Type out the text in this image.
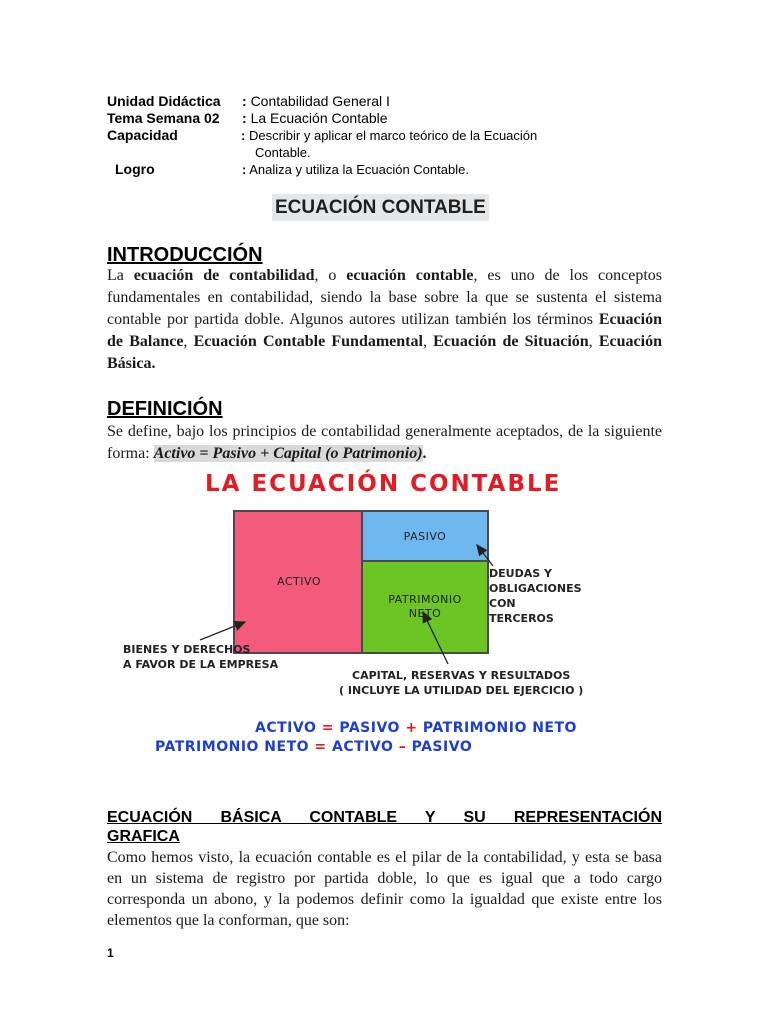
Unidad Didáctica : Contabilidad General I
Tema Semana 02 : La Ecuación Contable
Capacidad	: Describir y aplicar el marco teórico de la Ecuación
Contable.
Logro	: Analiza y utiliza la Ecuación Contable.
ECUACIÓN CONTABLE
INTRODUCCIÓN

La ecuación de contabilidad, o ecuación contable, es uno de los conceptos fundamentales en contabilidad, siendo la base sobre la que se sustenta el sistema contable por partida doble. Algunos autores utilizan también los términos Ecuación de Balance, Ecuación Contable Fundamental, Ecuación de Situación, Ecuación Básica.

DEFINICIÓN

Se define, bajo los principios de contabilidad generalmente aceptados, de la siguiente forma: Activo = Pasivo + Capital (o Patrimonio).

LA ECUACIÓN CONTABLE
ACTIVO
PASIVO
PATRIMONIO
NETO
DEUDAS Y
OBLIGACIONES
CON
TERCEROS
BIENES Y DERECHOS
A FAVOR DE LA EMPRESA
CAPITAL, RESERVAS Y RESULTADOS
( INCLUYE LA UTILIDAD DEL EJERCICIO )
ACTIVO = PASIVO + PATRIMONIO NETO
PATRIMONIO NETO = ACTIVO – PASIVO
ECUACIÓN BÁSICA CONTABLE Y SU REPRESENTACIÓN
GRAFICA
Como hemos visto, la ecuación contable es el pilar de la contabilidad, y esta se basa en un sistema de registro por partida doble, lo que es igual que a todo cargo corresponda un abono, y la podemos definir como la igualdad que existe entre los elementos que la conforman, que son:
1
